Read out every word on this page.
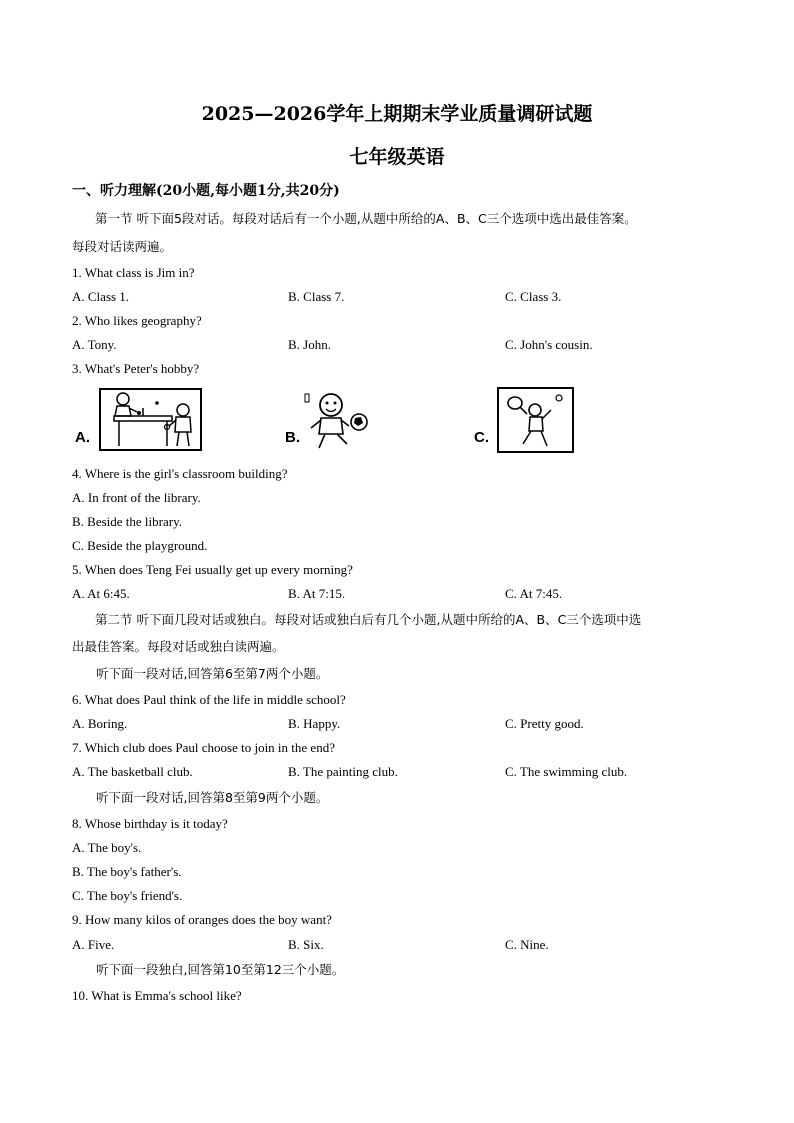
2025—2026学年上期期末学业质量调研试题
七年级英语
一、听力理解(20小题,每小题1分,共20分)
第一节 听下面5段对话。每段对话后有一个小题,从题中所给的A、B、C三个选项中选出最佳答案。
每段对话读两遍。
1. What class is Jim in?
A. Class 1.	B. Class 7.	C. Class 3.
2. Who likes geography?
A. Tony.	B. John.	C. John's cousin.
3. What's Peter's hobby?
A.	B.	C.
4. Where is the girl's classroom building?
A. In front of the library.
B. Beside the library.
C. Beside the playground.
5. When does Teng Fei usually get up every morning?
A. At 6:45.	B. At 7:15.	C. At 7:45.
第二节 听下面几段对话或独白。每段对话或独白后有几个小题,从题中所给的A、B、C三个选项中选
出最佳答案。每段对话或独白读两遍。
听下面一段对话,回答第6至第7两个小题。
6. What does Paul think of the life in middle school?
A. Boring.	B. Happy.	C. Pretty good.
7. Which club does Paul choose to join in the end?
A. The basketball club.	B. The painting club.	C. The swimming club.
听下面一段对话,回答第8至第9两个小题。
8. Whose birthday is it today?
A. The boy's.
B. The boy's father's.
C. The boy's friend's.
9. How many kilos of oranges does the boy want?
A. Five.	B. Six.	C. Nine.
听下面一段独白,回答第10至第12三个小题。
10. What is Emma's school like?
